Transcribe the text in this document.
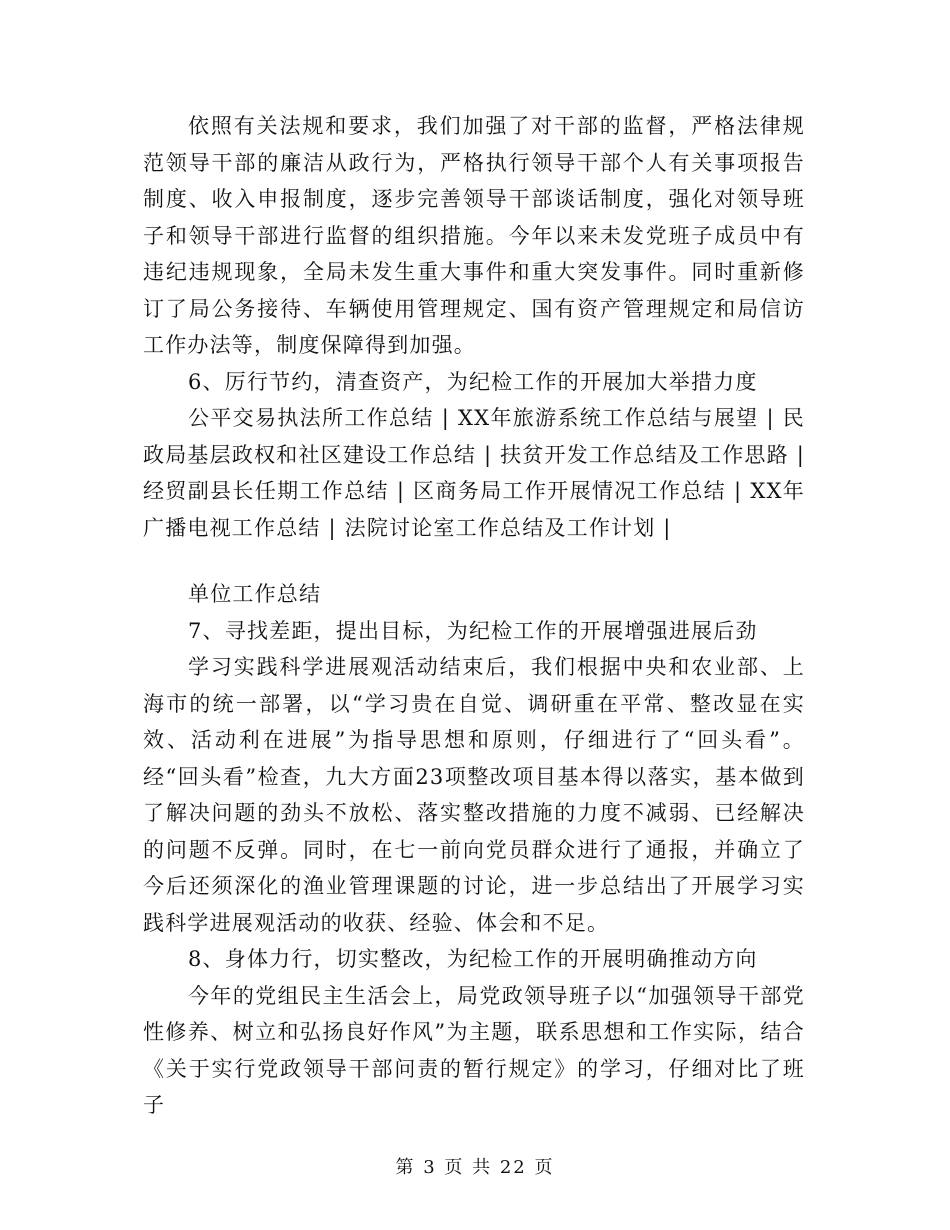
依照有关法规和要求，我们加强了对干部的监督，严格法律规范领导干部的廉洁从政行为，严格执行领导干部个人有关事项报告制度、收入申报制度，逐步完善领导干部谈话制度，强化对领导班子和领导干部进行监督的组织措施。今年以来未发党班子成员中有违纪违规现象，全局未发生重大事件和重大突发事件。同时重新修订了局公务接待、车辆使用管理规定、国有资产管理规定和局信访工作办法等，制度保障得到加强。

6、厉行节约，清查资产，为纪检工作的开展加大举措力度

公平交易执法所工作总结 | XX年旅游系统工作总结与展望 | 民政局基层政权和社区建设工作总结 | 扶贫开发工作总结及工作思路 | 经贸副县长任期工作总结 | 区商务局工作开展情况工作总结 | XX年广播电视工作总结 | 法院讨论室工作总结及工作计划 |

单位工作总结

7、寻找差距，提出目标，为纪检工作的开展增强进展后劲

学习实践科学进展观活动结束后，我们根据中央和农业部、上海市的统一部署，以“学习贵在自觉、调研重在平常、整改显在实效、活动利在进展”为指导思想和原则，仔细进行了“回头看”。经“回头看”检查，九大方面23项整改项目基本得以落实，基本做到了解决问题的劲头不放松、落实整改措施的力度不减弱、已经解决的问题不反弹。同时，在七一前向党员群众进行了通报，并确立了今后还须深化的渔业管理课题的讨论，进一步总结出了开展学习实践科学进展观活动的收获、经验、体会和不足。

8、身体力行，切实整改，为纪检工作的开展明确推动方向

今年的党组民主生活会上，局党政领导班子以“加强领导干部党性修养、树立和弘扬良好作风”为主题，联系思想和工作实际，结合《关于实行党政领导干部问责的暂行规定》的学习，仔细对比了班子

第 3 页 共 22 页
